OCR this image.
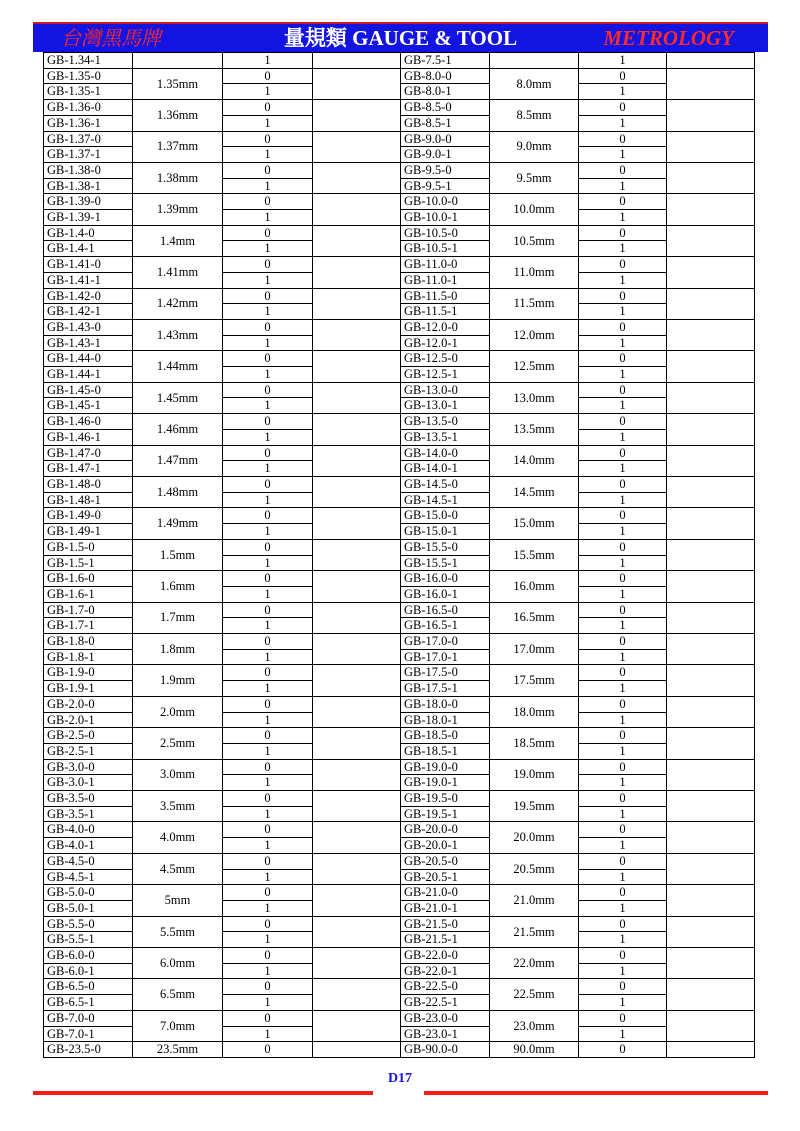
台灣黑馬牌	量規類 GAUGE & TOOL	METROLOGY
GB-1.34-1		1		GB-7.5-1		1	
GB-1.35-0	1.35mm	0		GB-8.0-0	8.0mm	0	
GB-1.35-1		1		GB-8.0-1		1	
GB-1.36-0	1.36mm	0		GB-8.5-0	8.5mm	0	
GB-1.36-1		1		GB-8.5-1		1	
GB-1.37-0	1.37mm	0		GB-9.0-0	9.0mm	0	
GB-1.37-1		1		GB-9.0-1		1	
GB-1.38-0	1.38mm	0		GB-9.5-0	9.5mm	0	
GB-1.38-1		1		GB-9.5-1		1	
GB-1.39-0	1.39mm	0		GB-10.0-0	10.0mm	0	
GB-1.39-1		1		GB-10.0-1		1	
GB-1.4-0	1.4mm	0		GB-10.5-0	10.5mm	0	
GB-1.4-1		1		GB-10.5-1		1	
GB-1.41-0	1.41mm	0		GB-11.0-0	11.0mm	0	
GB-1.41-1		1		GB-11.0-1		1	
GB-1.42-0	1.42mm	0		GB-11.5-0	11.5mm	0	
GB-1.42-1		1		GB-11.5-1		1	
GB-1.43-0	1.43mm	0		GB-12.0-0	12.0mm	0	
GB-1.43-1		1		GB-12.0-1		1	
GB-1.44-0	1.44mm	0		GB-12.5-0	12.5mm	0	
GB-1.44-1		1		GB-12.5-1		1	
GB-1.45-0	1.45mm	0		GB-13.0-0	13.0mm	0	
GB-1.45-1		1		GB-13.0-1		1	
GB-1.46-0	1.46mm	0		GB-13.5-0	13.5mm	0	
GB-1.46-1		1		GB-13.5-1		1	
GB-1.47-0	1.47mm	0		GB-14.0-0	14.0mm	0	
GB-1.47-1		1		GB-14.0-1		1	
GB-1.48-0	1.48mm	0		GB-14.5-0	14.5mm	0	
GB-1.48-1		1		GB-14.5-1		1	
GB-1.49-0	1.49mm	0		GB-15.0-0	15.0mm	0	
GB-1.49-1		1		GB-15.0-1		1	
GB-1.5-0	1.5mm	0		GB-15.5-0	15.5mm	0	
GB-1.5-1		1		GB-15.5-1		1	
GB-1.6-0	1.6mm	0		GB-16.0-0	16.0mm	0	
GB-1.6-1		1		GB-16.0-1		1	
GB-1.7-0	1.7mm	0		GB-16.5-0	16.5mm	0	
GB-1.7-1		1		GB-16.5-1		1	
GB-1.8-0	1.8mm	0		GB-17.0-0	17.0mm	0	
GB-1.8-1		1		GB-17.0-1		1	
GB-1.9-0	1.9mm	0		GB-17.5-0	17.5mm	0	
GB-1.9-1		1		GB-17.5-1		1	
GB-2.0-0	2.0mm	0		GB-18.0-0	18.0mm	0	
GB-2.0-1		1		GB-18.0-1		1	
GB-2.5-0	2.5mm	0		GB-18.5-0	18.5mm	0	
GB-2.5-1		1		GB-18.5-1		1	
GB-3.0-0	3.0mm	0		GB-19.0-0	19.0mm	0	
GB-3.0-1		1		GB-19.0-1		1	
GB-3.5-0	3.5mm	0		GB-19.5-0	19.5mm	0	
GB-3.5-1		1		GB-19.5-1		1	
GB-4.0-0	4.0mm	0		GB-20.0-0	20.0mm	0	
GB-4.0-1		1		GB-20.0-1		1	
GB-4.5-0	4.5mm	0		GB-20.5-0	20.5mm	0	
GB-4.5-1		1		GB-20.5-1		1	
GB-5.0-0	5mm	0		GB-21.0-0	21.0mm	0	
GB-5.0-1		1		GB-21.0-1		1	
GB-5.5-0	5.5mm	0		GB-21.5-0	21.5mm	0	
GB-5.5-1		1		GB-21.5-1		1	
GB-6.0-0	6.0mm	0		GB-22.0-0	22.0mm	0	
GB-6.0-1		1		GB-22.0-1		1	
GB-6.5-0	6.5mm	0		GB-22.5-0	22.5mm	0	
GB-6.5-1		1		GB-22.5-1		1	
GB-7.0-0	7.0mm	0		GB-23.0-0	23.0mm	0	
GB-7.0-1		1		GB-23.0-1		1	
GB-23.5-0	23.5mm	0		GB-90.0-0	90.0mm	0	
D17
